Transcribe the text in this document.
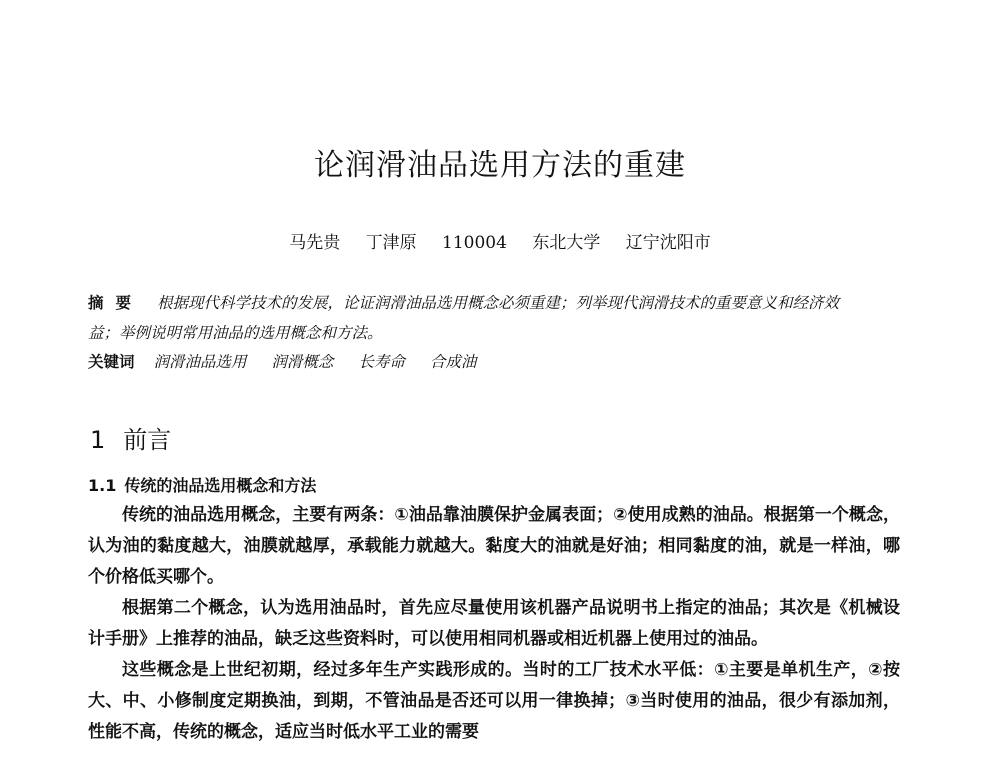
论润滑油品选用方法的重建
马先贵 丁津原 110004 东北大学 辽宁沈阳市
摘要 根据现代科学技术的发展，论证润滑油品选用概念必须重建；列举现代润滑技术的重要意义和经济效益；举例说明常用油品的选用概念和方法。
关键词 润滑油品选用 润滑概念 长寿命 合成油
1 前言
1.1 传统的油品选用概念和方法

传统的油品选用概念，主要有两条：①油品靠油膜保护金属表面；②使用成熟的油品。根据第一个概念，认为油的黏度越大，油膜就越厚，承载能力就越大。黏度大的油就是好油；相同黏度的油，就是一样油，哪个价格低买哪个。

根据第二个概念，认为选用油品时，首先应尽量使用该机器产品说明书上指定的油品；其次是《机械设计手册》上推荐的油品，缺乏这些资料时，可以使用相同机器或相近机器上使用过的油品。

这些概念是上世纪初期，经过多年生产实践形成的。当时的工厂技术水平低：①主要是单机生产，②按大、中、小修制度定期换油，到期，不管油品是否还可以用一律换掉；③当时使用的油品，很少有添加剂，性能不高，传统的概念，适应当时低水平工业的需要
